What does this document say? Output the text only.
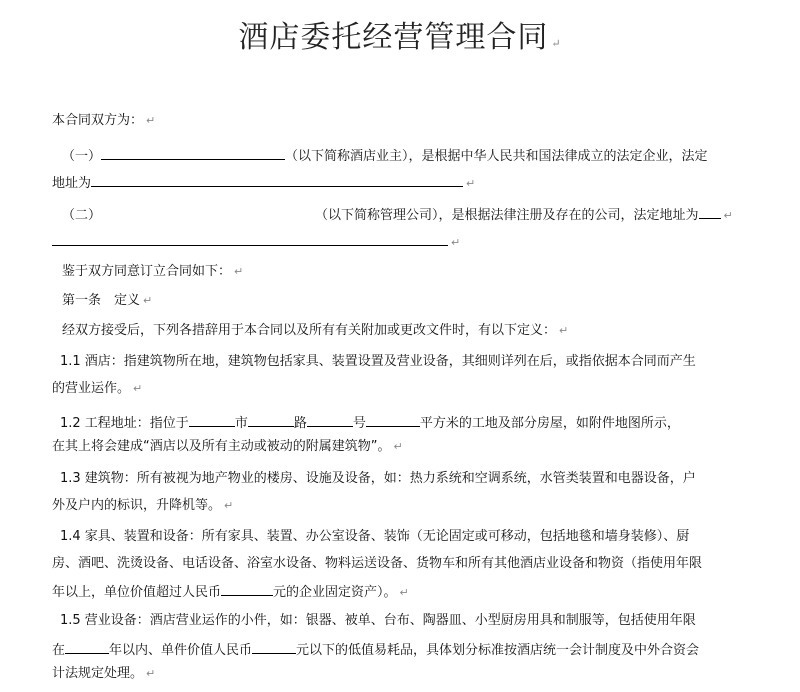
酒店委托经营管理合同 ↵
本合同双方为： ↵
（一）	（以下简称酒店业主），是根据中华人民共和国法律成立的法定企业，法定
地址为	↵
（二）	（以下简称管理公司），是根据法律注册及存在的公司，法定地址为 ↵
↵
鉴于双方同意订立合同如下： ↵
第一条　定义 ↵
经双方接受后，下列各措辞用于本合同以及所有有关附加或更改文件时，有以下定义： ↵
1.1 酒店：指建筑物所在地，建筑物包括家具、装置设置及营业设备，其细则详列在后，或指依据本合同而产生
的营业运作。 ↵
1.2 工程地址：指位于	市	路	号	平方米的工地及部分房屋，如附件地图所示，
在其上将会建成“酒店以及所有主动或被动的附属建筑物”。 ↵
1.3 建筑物：所有被视为地产物业的楼房、设施及设备，如：热力系统和空调系统，水管类装置和电器设备，户
外及户内的标识，升降机等。 ↵
1.4 家具、装置和设备：所有家具、装置、办公室设备、装饰（无论固定或可移动，包括地毯和墙身装修）、厨
房、酒吧、洗烫设备、电话设备、浴室水设备、物料运送设备、货物车和所有其他酒店业设备和物资（指使用年限
年以上，单位价值超过人民币	元的企业固定资产）。 ↵
1.5 营业设备：酒店营业运作的小件，如：银器、被单、台布、陶器皿、小型厨房用具和制服等，包括使用年限
在	年以内、单件价值人民币	元以下的低值易耗品，具体划分标准按酒店统一会计制度及中外合资会
计法规定处理。 ↵
